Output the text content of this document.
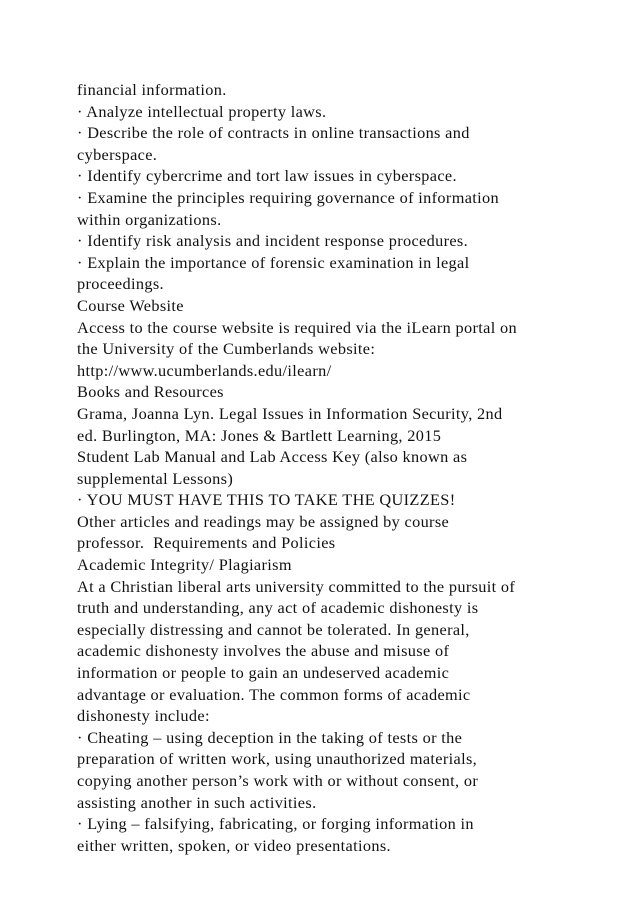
financial information.
· Analyze intellectual property laws.
· Describe the role of contracts in online transactions and
cyberspace.
· Identify cybercrime and tort law issues in cyberspace.
· Examine the principles requiring governance of information
within organizations.
· Identify risk analysis and incident response procedures.
· Explain the importance of forensic examination in legal
proceedings.
Course Website
Access to the course website is required via the iLearn portal on
the University of the Cumberlands website:
http://www.ucumberlands.edu/ilearn/
Books and Resources
Grama, Joanna Lyn. Legal Issues in Information Security, 2nd
ed. Burlington, MA: Jones & Bartlett Learning, 2015
Student Lab Manual and Lab Access Key (also known as
supplemental Lessons)
· YOU MUST HAVE THIS TO TAKE THE QUIZZES!
Other articles and readings may be assigned by course
professor.  Requirements and Policies
Academic Integrity/ Plagiarism
At a Christian liberal arts university committed to the pursuit of
truth and understanding, any act of academic dishonesty is
especially distressing and cannot be tolerated. In general,
academic dishonesty involves the abuse and misuse of
information or people to gain an undeserved academic
advantage or evaluation. The common forms of academic
dishonesty include:
· Cheating – using deception in the taking of tests or the
preparation of written work, using unauthorized materials,
copying another person’s work with or without consent, or
assisting another in such activities.
· Lying – falsifying, fabricating, or forging information in
either written, spoken, or video presentations.
